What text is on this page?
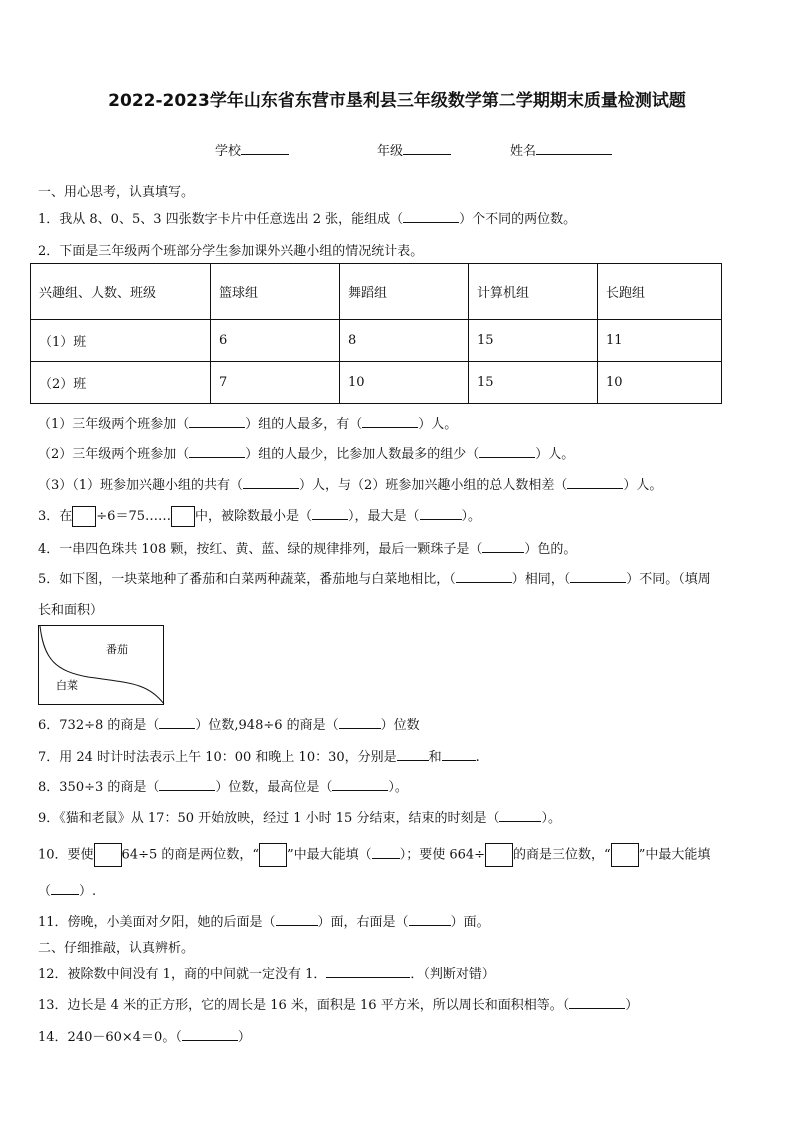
2022-2023学年山东省东营市垦利县三年级数学第二学期期末质量检测试题
学校	年级	姓名
一、用心思考，认真填写。
1．我从 8、0、5、3 四张数字卡片中任意选出 2 张，能组成（	）个不同的两位数。
2．下面是三年级两个班部分学生参加课外兴趣小组的情况统计表。
兴趣组、人数、班级	篮球组	舞蹈组	计算机组	长跑组
（1）班	6	8	15	11
（2）班	7	10	15	10
（1）三年级两个班参加（	）组的人最多，有（	）人。
（2）三年级两个班参加（	）组的人最少，比参加人数最多的组少（	）人。
（3）（1）班参加兴趣小组的共有（	）人，与（2）班参加兴趣小组的总人数相差（	）人。
3．在 ÷6＝75…… 中，被除数最小是（	），最大是（	）。
4．一串四色珠共 108 颗，按红、黄、蓝、绿的规律排列，最后一颗珠子是（	）色的。
5．如下图，一块菜地种了番茄和白菜两种蔬菜，番茄地与白菜地相比，（	）相同，（	）不同。（填周
长和面积）
番茄
白菜
6．732÷8 的商是（	）位数,948÷6 的商是（	）位数
7．用 24 时计时法表示上午 10：00 和晚上 10：30，分别是 和	.
8．350÷3 的商是（	）位数，最高位是（	）。
9．《猫和老鼠》从 17：50 开始放映，经过 1 小时 15 分结束，结束的时刻是（	）。
10．要使 64÷5 的商是两位数，“ ”中最大能填（ ）；要使 664÷ 的商是三位数，“ ”中最大能填
（ ）.
11．傍晚，小美面对夕阳，她的后面是（	）面，右面是（	）面。
二、仔细推敲，认真辨析。
12．被除数中间没有 1，商的中间就一定没有 1．	．（判断对错）
13．边长是 4 米的正方形，它的周长是 16 米，面积是 16 平方米，所以周长和面积相等。（	）
14．240－60×4＝0。（	）
